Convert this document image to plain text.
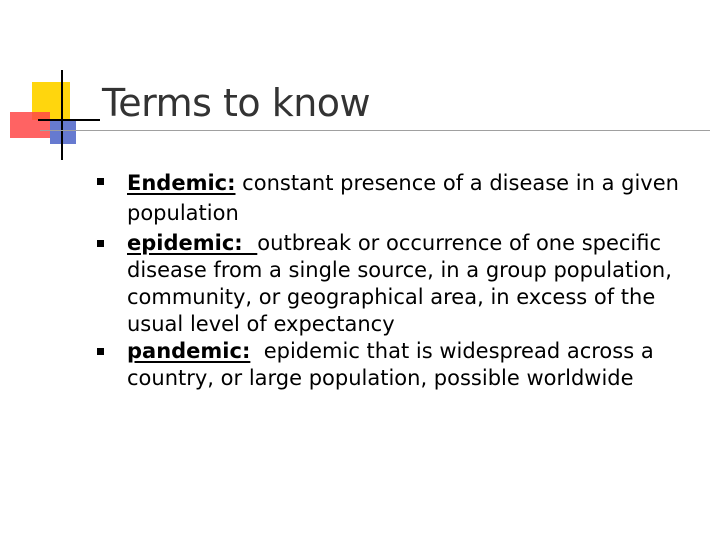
Terms to know
Endemic: constant presence of a disease in a given population
epidemic:  outbreak or occurrence of one specific disease from a single source, in a group population, community, or geographical area, in excess of the usual level of expectancy
pandemic:  epidemic that is widespread across a country, or large population, possible worldwide
